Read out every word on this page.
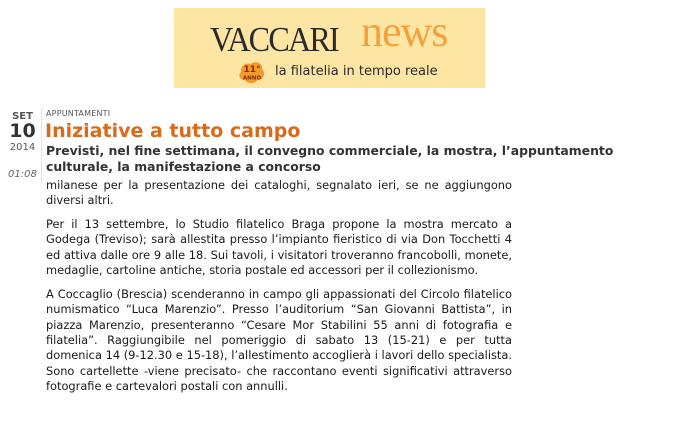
VACCARI news
11°
ANNO la filatelia in tempo reale
SET
10
2014
01:08
APPUNTAMENTI
Iniziative a tutto campo
Previsti, nel fine settimana, il convegno commerciale, la mostra, l’appuntamento culturale, la manifestazione a concorso

milanese per la presentazione dei cataloghi, segnalato ieri, se ne aggiungono diversi altri.

Per il 13 settembre, lo Studio filatelico Braga propone la mostra mercato a Godega (Treviso); sarà allestita presso l’impianto fieristico di via Don Tocchetti 4 ed attiva dalle ore 9 alle 18. Sui tavoli, i visitatori troveranno francobolli, monete, medaglie, cartoline antiche, storia postale ed accessori per il collezionismo.

A Coccaglio (Brescia) scenderanno in campo gli appassionati del Circolo filatelico numismatico “Luca Marenzio”. Presso l’auditorium “San Giovanni Battista”, in piazza Marenzio, presenteranno “Cesare Mor Stabilini 55 anni di fotografia e filatelia”. Raggiungibile nel pomeriggio di sabato 13 (15-21) e per tutta domenica 14 (9-12.30 e 15-18), l’allestimento accoglierà i lavori dello specialista. Sono cartellette -viene precisato- che raccontano eventi significativi attraverso fotografie e cartevalori postali con annulli.
